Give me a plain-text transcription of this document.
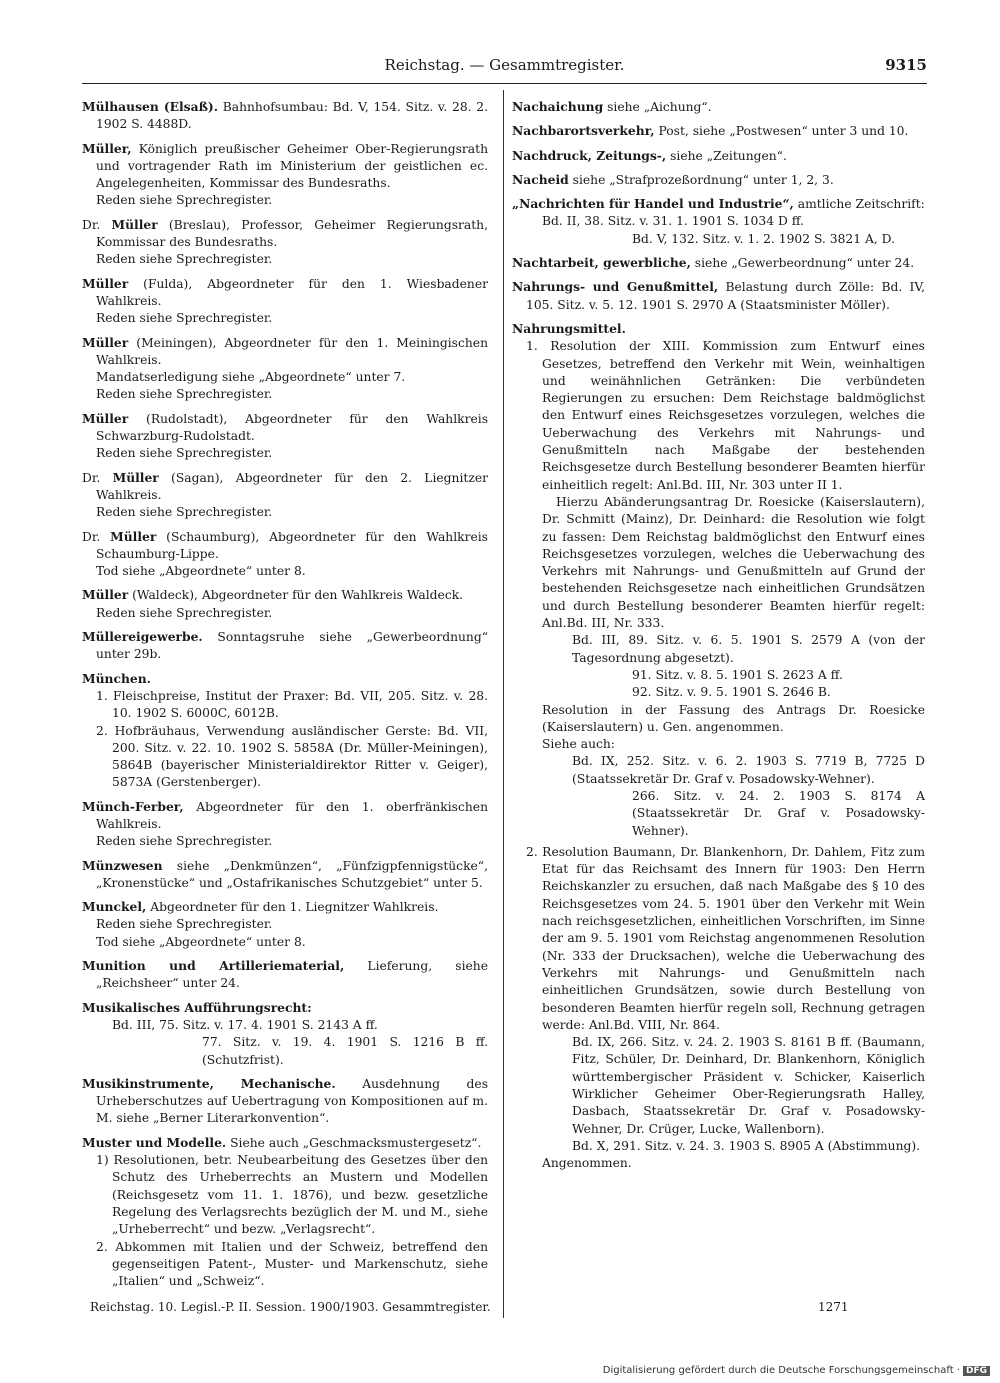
Reichstag. — Gesammtregister.	9315

Mülhausen (Elsaß). Bahnhofsumbau: Bd. V, 154. Sitz. v. 28. 2. 1902 S. 4488D.

Müller, Königlich preußischer Geheimer Ober-Regierungsrath und vortragender Rath im Ministerium der geistlichen ec. Angelegenheiten, Kommissar des Bundesraths.

Reden siehe Sprechregister.

Dr. Müller (Breslau), Professor, Geheimer Regierungsrath, Kommissar des Bundesraths.

Reden siehe Sprechregister.

Müller (Fulda), Abgeordneter für den 1. Wiesbadener Wahlkreis.

Reden siehe Sprechregister.

Müller (Meiningen), Abgeordneter für den 1. Meiningischen Wahlkreis.

Mandatserledigung siehe „Abgeordnete“ unter 7.

Reden siehe Sprechregister.

Müller (Rudolstadt), Abgeordneter für den Wahlkreis Schwarzburg-Rudolstadt.

Reden siehe Sprechregister.

Dr. Müller (Sagan), Abgeordneter für den 2. Liegnitzer Wahlkreis.

Reden siehe Sprechregister.

Dr. Müller (Schaumburg), Abgeordneter für den Wahlkreis Schaumburg-Lippe.

Tod siehe „Abgeordnete“ unter 8.

Müller (Waldeck), Abgeordneter für den Wahlkreis Waldeck.

Reden siehe Sprechregister.

Müllereigewerbe. Sonntagsruhe siehe „Gewerbeordnung“ unter 29b.

München.

1. Fleischpreise, Institut der Praxer: Bd. VII, 205. Sitz. v. 28. 10. 1902 S. 6000C, 6012B.

2. Hofbräuhaus, Verwendung ausländischer Gerste: Bd. VII, 200. Sitz. v. 22. 10. 1902 S. 5858A (Dr. Müller-Meiningen), 5864B (bayerischer Ministerialdirektor Ritter v. Geiger), 5873A (Gerstenberger).

Münch-Ferber, Abgeordneter für den 1. oberfränkischen Wahlkreis.

Reden siehe Sprechregister.

Münzwesen siehe „Denkmünzen“, „Fünfzigpfennigstücke“, „Kronenstücke“ und „Ostafrikanisches Schutzgebiet“ unter 5.

Munckel, Abgeordneter für den 1. Liegnitzer Wahlkreis.

Reden siehe Sprechregister.

Tod siehe „Abgeordnete“ unter 8.

Munition und Artilleriematerial, Lieferung, siehe „Reichsheer“ unter 24.

Musikalisches Aufführungsrecht:

Bd. III, 75. Sitz. v. 17. 4. 1901 S. 2143 A ff.

77. Sitz. v. 19. 4. 1901 S. 1216 B ff. (Schutzfrist).

Musikinstrumente, Mechanische. Ausdehnung des Urheberschutzes auf Uebertragung von Kompositionen auf m. M. siehe „Berner Literarkonvention“.

Muster und Modelle. Siehe auch „Geschmacksmustergesetz“.

1) Resolutionen, betr. Neubearbeitung des Gesetzes über den Schutz des Urheberrechts an Mustern und Modellen (Reichsgesetz vom 11. 1. 1876), und bezw. gesetzliche Regelung des Verlagsrechts bezüglich der M. und M., siehe „Urheberrecht“ und bezw. „Verlagsrecht“.

2. Abkommen mit Italien und der Schweiz, betreffend den gegenseitigen Patent-, Muster- und Markenschutz, siehe „Italien“ und „Schweiz“.

Nachaichung siehe „Aichung“.

Nachbarortsverkehr, Post, siehe „Postwesen“ unter 3 und 10.

Nachdruck, Zeitungs-, siehe „Zeitungen“.

Nacheid siehe „Strafprozeßordnung“ unter 1, 2, 3.

„Nachrichten für Handel und Industrie“, amtliche Zeitschrift:

Bd. II, 38. Sitz. v. 31. 1. 1901 S. 1034 D ff.

Bd. V, 132. Sitz. v. 1. 2. 1902 S. 3821 A, D.

Nachtarbeit, gewerbliche, siehe „Gewerbeordnung“ unter 24.

Nahrungs- und Genußmittel, Belastung durch Zölle: Bd. IV, 105. Sitz. v. 5. 12. 1901 S. 2970 A (Staatsminister Möller).

Nahrungsmittel.

1. Resolution der XIII. Kommission zum Entwurf eines Gesetzes, betreffend den Verkehr mit Wein, weinhaltigen und weinähnlichen Getränken: Die verbündeten Regierungen zu ersuchen: Dem Reichstage baldmöglichst den Entwurf eines Reichsgesetzes vorzulegen, welches die Ueberwachung des Verkehrs mit Nahrungs- und Genußmitteln nach Maßgabe der bestehenden Reichsgesetze durch Bestellung besonderer Beamten hierfür einheitlich regelt: Anl.Bd. III, Nr. 303 unter II 1.

Hierzu Abänderungsantrag Dr. Roesicke (Kaiserslautern), Dr. Schmitt (Mainz), Dr. Deinhard: die Resolution wie folgt zu fassen: Dem Reichstag baldmöglichst den Entwurf eines Reichsgesetzes vorzulegen, welches die Ueberwachung des Verkehrs mit Nahrungs- und Genußmitteln auf Grund der bestehenden Reichsgesetze nach einheitlichen Grundsätzen und durch Bestellung besonderer Beamten hierfür regelt: Anl.Bd. III, Nr. 333.

Bd. III, 89. Sitz. v. 6. 5. 1901 S. 2579 A (von der Tagesordnung abgesetzt).

91. Sitz. v. 8. 5. 1901 S. 2623 A ff.

92. Sitz. v. 9. 5. 1901 S. 2646 B.

Resolution in der Fassung des Antrags Dr. Roesicke (Kaiserslautern) u. Gen. angenommen.

Siehe auch:

Bd. IX, 252. Sitz. v. 6. 2. 1903 S. 7719 B, 7725 D (Staatssekretär Dr. Graf v. Posadowsky-Wehner).

266. Sitz. v. 24. 2. 1903 S. 8174 A (Staatssekretär Dr. Graf v. Posadowsky-Wehner).

2. Resolution Baumann, Dr. Blankenhorn, Dr. Dahlem, Fitz zum Etat für das Reichsamt des Innern für 1903: Den Herrn Reichskanzler zu ersuchen, daß nach Maßgabe des § 10 des Reichsgesetzes vom 24. 5. 1901 über den Verkehr mit Wein nach reichsgesetzlichen, einheitlichen Vorschriften, im Sinne der am 9. 5. 1901 vom Reichstag angenommenen Resolution (Nr. 333 der Drucksachen), welche die Ueberwachung des Verkehrs mit Nahrungs- und Genußmitteln nach einheitlichen Grundsätzen, sowie durch Bestellung von besonderen Beamten hierfür regeln soll, Rechnung getragen werde: Anl.Bd. VIII, Nr. 864.

Bd. IX, 266. Sitz. v. 24. 2. 1903 S. 8161 B ff. (Baumann, Fitz, Schüler, Dr. Deinhard, Dr. Blankenhorn, Königlich württembergischer Präsident v. Schicker, Kaiserlich Wirklicher Geheimer Ober-Regierungsrath Halley, Dasbach, Staatssekretär Dr. Graf v. Posadowsky-Wehner, Dr. Crüger, Lucke, Wallenborn).

Bd. X, 291. Sitz. v. 24. 3. 1903 S. 8905 A (Abstimmung).

Angenommen.

Reichstag. 10. Legisl.-P. II. Session. 1900/1903. Gesammtregister.	1271
Digitalisierung gefördert durch die Deutsche Forschungsgemeinschaft · DFG
